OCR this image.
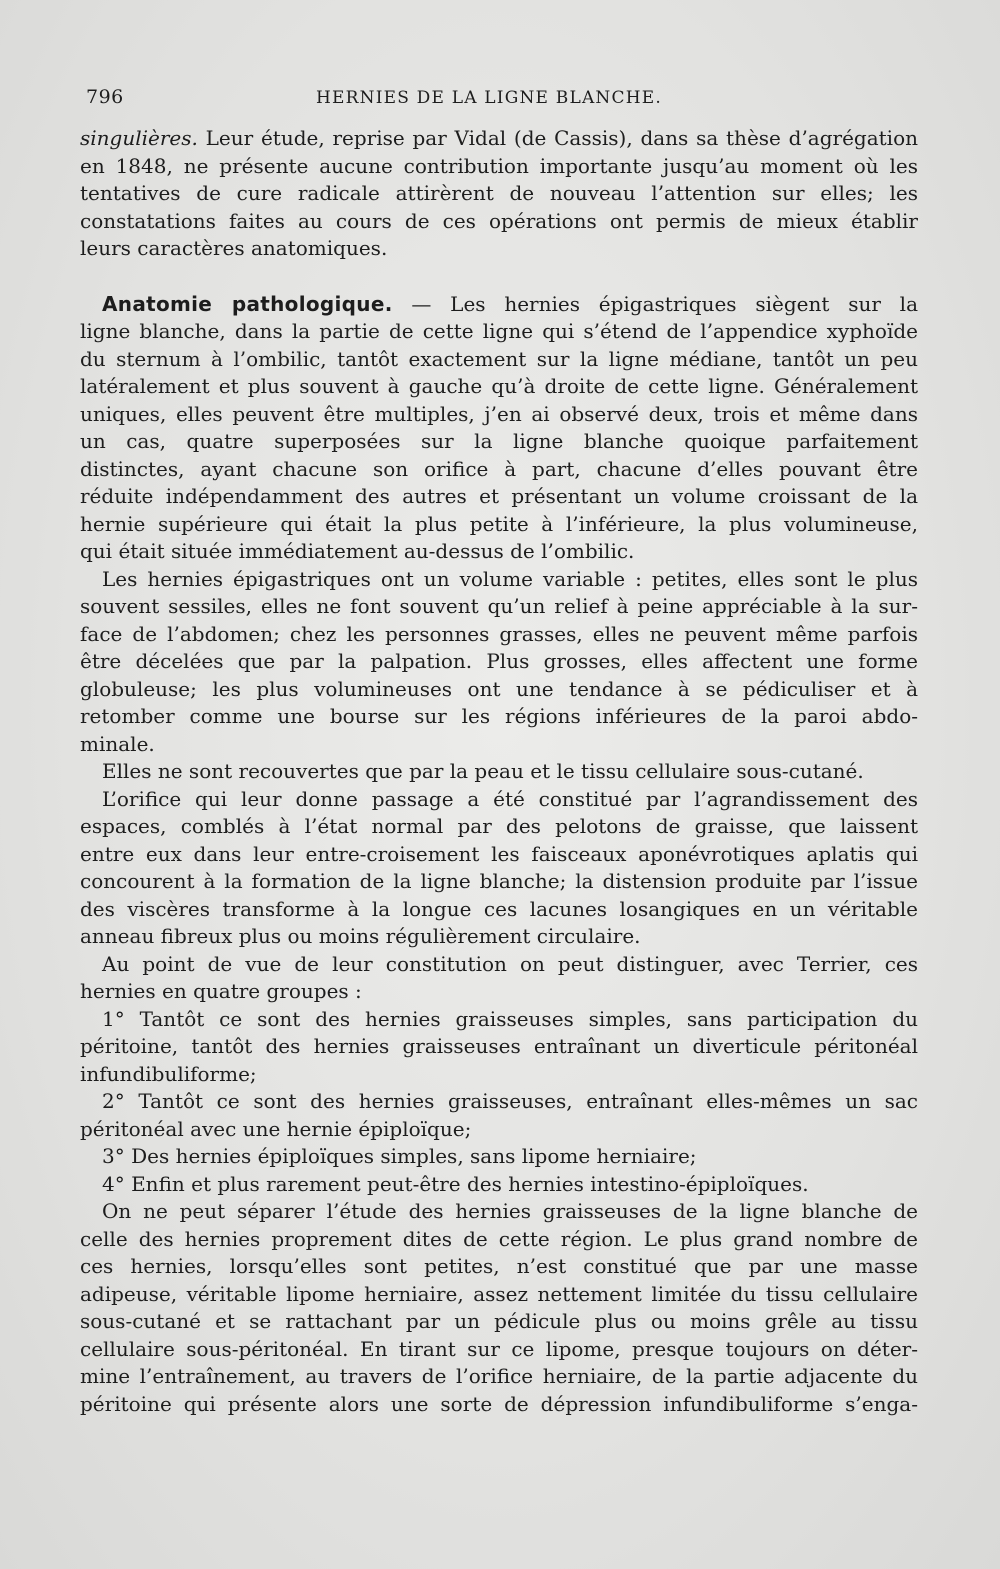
796	HERNIES DE LA LIGNE BLANCHE.
singulières. Leur étude, reprise par Vidal (de Cassis), dans sa thèse d’agrégation
en 1848, ne présente aucune contribution importante jusqu’au moment où les
tentatives de cure radicale attirèrent de nouveau l’attention sur elles; les
constatations faites au cours de ces opérations ont permis de mieux établir
leurs caractères anatomiques.
Anatomie pathologique. — Les hernies épigastriques siègent sur la
ligne blanche, dans la partie de cette ligne qui s’étend de l’appendice xyphoïde
du sternum à l’ombilic, tantôt exactement sur la ligne médiane, tantôt un peu
latéralement et plus souvent à gauche qu’à droite de cette ligne. Généralement
uniques, elles peuvent être multiples, j’en ai observé deux, trois et même dans
un cas, quatre superposées sur la ligne blanche quoique parfaitement
distinctes, ayant chacune son orifice à part, chacune d’elles pouvant être
réduite indépendamment des autres et présentant un volume croissant de la
hernie supérieure qui était la plus petite à l’inférieure, la plus volumineuse,
qui était située immédiatement au-dessus de l’ombilic.
Les hernies épigastriques ont un volume variable : petites, elles sont le plus
souvent sessiles, elles ne font souvent qu’un relief à peine appréciable à la sur-
face de l’abdomen; chez les personnes grasses, elles ne peuvent même parfois
être décelées que par la palpation. Plus grosses, elles affectent une forme
globuleuse; les plus volumineuses ont une tendance à se pédiculiser et à
retomber comme une bourse sur les régions inférieures de la paroi abdo-
minale.
Elles ne sont recouvertes que par la peau et le tissu cellulaire sous-cutané.
L’orifice qui leur donne passage a été constitué par l’agrandissement des
espaces, comblés à l’état normal par des pelotons de graisse, que laissent
entre eux dans leur entre-croisement les faisceaux aponévrotiques aplatis qui
concourent à la formation de la ligne blanche; la distension produite par l’issue
des viscères transforme à la longue ces lacunes losangiques en un véritable
anneau fibreux plus ou moins régulièrement circulaire.
Au point de vue de leur constitution on peut distinguer, avec Terrier, ces
hernies en quatre groupes :
1° Tantôt ce sont des hernies graisseuses simples, sans participation du
péritoine, tantôt des hernies graisseuses entraînant un diverticule péritonéal
infundibuliforme;
2° Tantôt ce sont des hernies graisseuses, entraînant elles-mêmes un sac
péritonéal avec une hernie épiploïque;
3° Des hernies épiploïques simples, sans lipome herniaire;
4° Enfin et plus rarement peut-être des hernies intestino-épiploïques.
On ne peut séparer l’étude des hernies graisseuses de la ligne blanche de
celle des hernies proprement dites de cette région. Le plus grand nombre de
ces hernies, lorsqu’elles sont petites, n’est constitué que par une masse
adipeuse, véritable lipome herniaire, assez nettement limitée du tissu cellulaire
sous-cutané et se rattachant par un pédicule plus ou moins grêle au tissu
cellulaire sous-péritonéal. En tirant sur ce lipome, presque toujours on déter-
mine l’entraînement, au travers de l’orifice herniaire, de la partie adjacente du
péritoine qui présente alors une sorte de dépression infundibuliforme s’enga-
